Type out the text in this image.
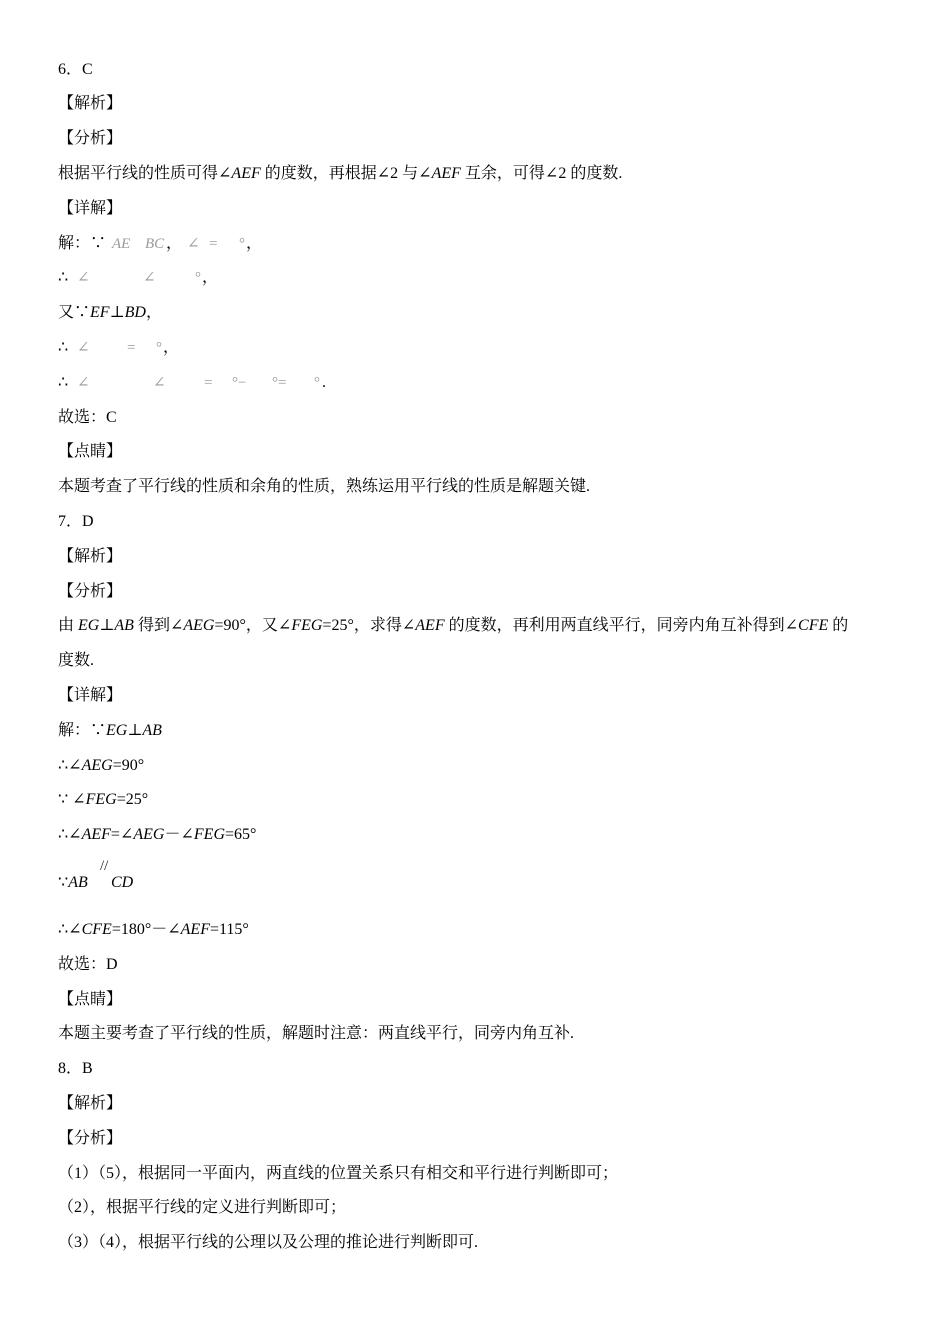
6．C
【解析】
【分析】
根据平行线的性质可得∠AEF 的度数，再根据∠2 与∠AEF 互余，可得∠2 的度数.
【详解】
解：∵ AE BC ， ∠ = ° ，
∴ ∠	∠	° ，
又∵EF⊥BD，
∴ ∠ = ° ，
∴ ∠	∠	= °− °= ° .
故选：C
【点睛】
本题考查了平行线的性质和余角的性质，熟练运用平行线的性质是解题关键.
7．D
【解析】
【分析】
由 EG⊥AB 得到∠AEG=90°，又∠FEG=25°，求得∠AEF 的度数，再利用两直线平行，同旁内角互补得到∠CFE 的
度数.
【详解】
解：∵EG⊥AB
∴∠AEG=90°
∵ ∠FEG=25°
∴∠AEF=∠AEG－∠FEG=65°
∵AB
//
CD
∴∠CFE=180°－∠AEF=115°
故选：D
【点睛】
本题主要考查了平行线的性质，解题时注意：两直线平行，同旁内角互补.
8．B
【解析】
【分析】
（1）（5），根据同一平面内，两直线的位置关系只有相交和平行进行判断即可；
（2），根据平行线的定义进行判断即可；
（3）（4），根据平行线的公理以及公理的推论进行判断即可.
